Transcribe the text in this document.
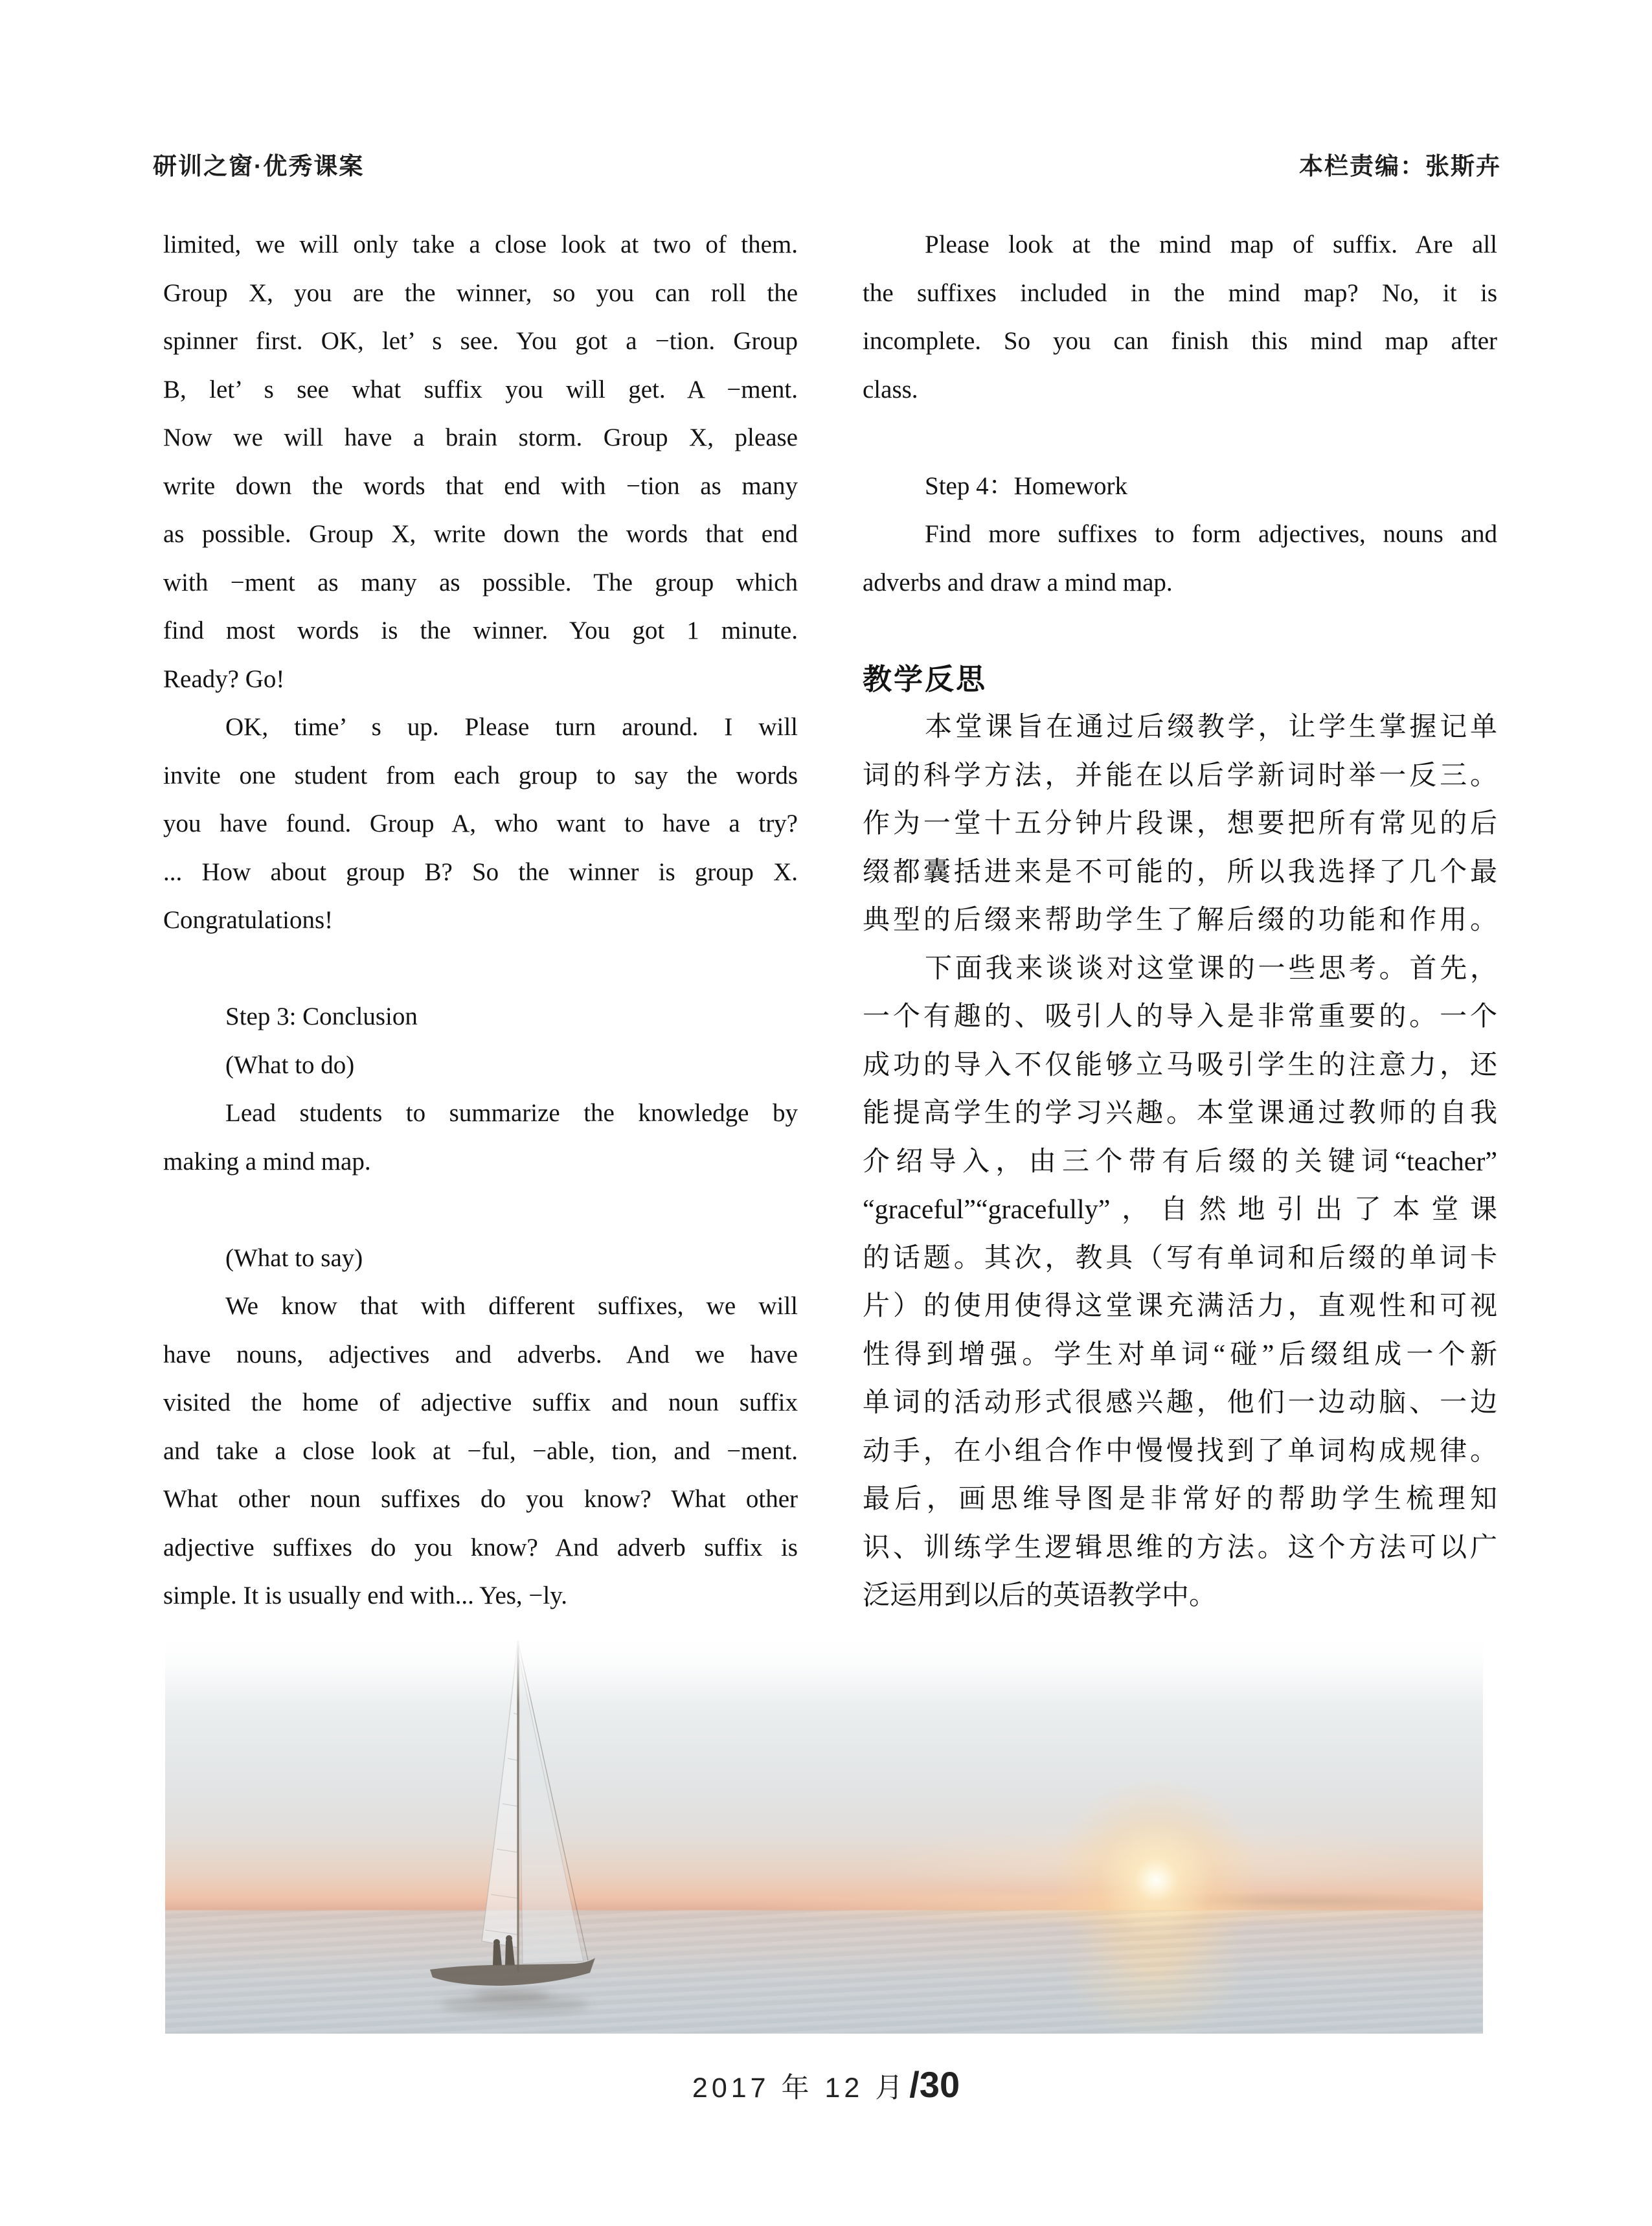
研训之窗·优秀课案	本栏责编：张斯卉
limited, we will only take a close look at two of them.
Group X, you are the winner, so you can roll the
spinner first. OK, let’ s see. You got a −tion. Group
B, let’ s see what suffix you will get. A −ment.
Now we will have a brain storm. Group X, please
write down the words that end with −tion as many
as possible. Group X, write down the words that end
with −ment as many as possible. The group which
find most words is the winner. You got 1 minute.
Ready? Go!
OK, time’ s up. Please turn around. I will
invite one student from each group to say the words
you have found. Group A, who want to have a try?
... How about group B? So the winner is group X.
Congratulations!

Step 3: Conclusion
(What to do)
Lead students to summarize the knowledge by
making a mind map.

(What to say)
We know that with different suffixes, we will
have nouns, adjectives and adverbs. And we have
visited the home of adjective suffix and noun suffix
and take a close look at −ful, −able, tion, and −ment.
What other noun suffixes do you know? What other
adjective suffixes do you know? And adverb suffix is
simple. It is usually end with... Yes, −ly.
Please look at the mind map of suffix. Are all
the suffixes included in the mind map? No, it is
incomplete. So you can finish this mind map after
class.

Step 4：Homework
Find more suffixes to form adjectives, nouns and
adverbs and draw a mind map.

教学反思
本堂课旨在通过后缀教学，让学生掌握记单
词的科学方法，并能在以后学新词时举一反三。
作为一堂十五分钟片段课，想要把所有常见的后
缀都囊括进来是不可能的，所以我选择了几个最
典型的后缀来帮助学生了解后缀的功能和作用。
下面我来谈谈对这堂课的一些思考。首先，
一个有趣的、吸引人的导入是非常重要的。一个
成功的导入不仅能够立马吸引学生的注意力，还
能提高学生的学习兴趣。本堂课通过教师的自我
介绍导入，由三个带有后缀的关键词“teacher”
“graceful”“gracefully”，自然地引出了本堂课
的话题。其次，教具（写有单词和后缀的单词卡
片）的使用使得这堂课充满活力，直观性和可视
性得到增强。学生对单词“碰”后缀组成一个新
单词的活动形式很感兴趣，他们一边动脑、一边
动手，在小组合作中慢慢找到了单词构成规律。
最后，画思维导图是非常好的帮助学生梳理知
识、训练学生逻辑思维的方法。这个方法可以广
泛运用到以后的英语教学中。
2017 年 12 月/30
